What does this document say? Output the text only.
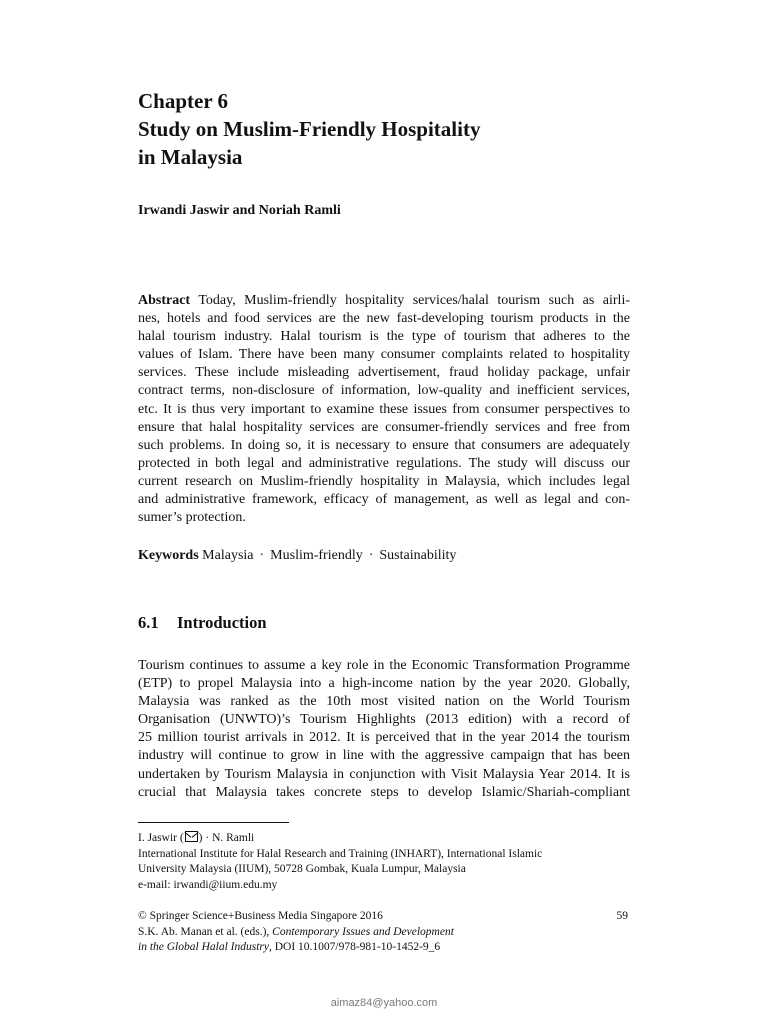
Chapter 6
Study on Muslim-Friendly Hospitality
in Malaysia
Irwandi Jaswir and Noriah Ramli
Abstract Today, Muslim-friendly hospitality services/halal tourism such as airli-
nes, hotels and food services are the new fast-developing tourism products in the
halal tourism industry. Halal tourism is the type of tourism that adheres to the
values of Islam. There have been many consumer complaints related to hospitality
services. These include misleading advertisement, fraud holiday package, unfair
contract terms, non-disclosure of information, low-quality and inefficient services,
etc. It is thus very important to examine these issues from consumer perspectives to
ensure that halal hospitality services are consumer-friendly services and free from
such problems. In doing so, it is necessary to ensure that consumers are adequately
protected in both legal and administrative regulations. The study will discuss our
current research on Muslim-friendly hospitality in Malaysia, which includes legal
and administrative framework, efficacy of management, as well as legal and con-
sumer’s protection.
Keywords Malaysia · Muslim-friendly · Sustainability
6.1 Introduction
Tourism continues to assume a key role in the Economic Transformation Programme
(ETP) to propel Malaysia into a high-income nation by the year 2020. Globally,
Malaysia was ranked as the 10th most visited nation on the World Tourism
Organisation (UNWTO)’s Tourism Highlights (2013 edition) with a record of
25 million tourist arrivals in 2012. It is perceived that in the year 2014 the tourism
industry will continue to grow in line with the aggressive campaign that has been
undertaken by Tourism Malaysia in conjunction with Visit Malaysia Year 2014. It is
crucial that Malaysia takes concrete steps to develop Islamic/Shariah-compliant
I. Jaswir ( ) · N. Ramli
International Institute for Halal Research and Training (INHART), International Islamic
University Malaysia (IIUM), 50728 Gombak, Kuala Lumpur, Malaysia
e-mail: irwandi@iium.edu.my
© Springer Science+Business Media Singapore 2016	59
S.K. Ab. Manan et al. (eds.), Contemporary Issues and Development
in the Global Halal Industry, DOI 10.1007/978-981-10-1452-9_6
aimaz84@yahoo.com
